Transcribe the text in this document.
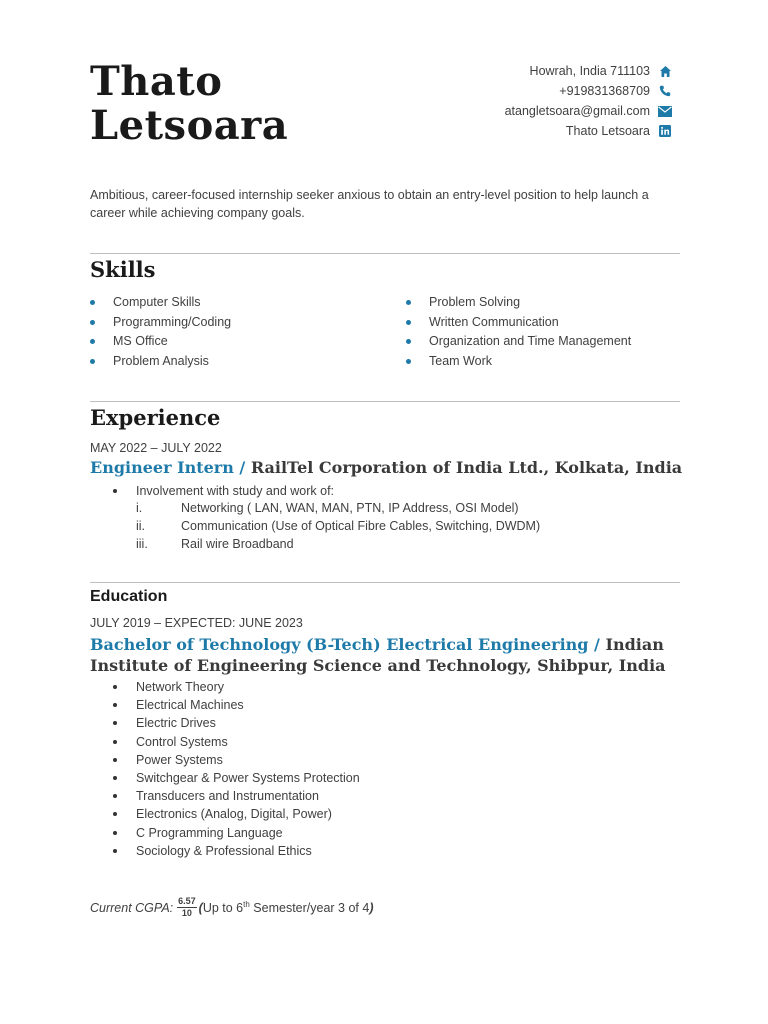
Thato
Letsoara
Howrah, India 711103
+919831368709
atangletsoara@gmail.com
Thato Letsoara
Ambitious, career-focused internship seeker anxious to obtain an entry-level position to help launch a career while achieving company goals.
Skills
Computer Skills
Programming/Coding
MS Office
Problem Analysis
Problem Solving
Written Communication
Organization and Time Management
Team Work
Experience
MAY 2022 – JULY 2022
Engineer Intern / RailTel Corporation of India Ltd., Kolkata, India
Involvement with study and work of:
i.	Networking ( LAN, WAN, MAN, PTN, IP Address, OSI Model)
ii.	Communication (Use of Optical Fibre Cables, Switching, DWDM)
iii.	Rail wire Broadband
Education
JULY 2019 – EXPECTED: JUNE 2023
Bachelor of Technology (B-Tech) Electrical Engineering / Indian
Institute of Engineering Science and Technology, Shibpur, India
Network Theory
Electrical Machines
Electric Drives
Control Systems
Power Systems
Switchgear & Power Systems Protection
Transducers and Instrumentation
Electronics (Analog, Digital, Power)
C Programming Language
Sociology & Professional Ethics
Current CGPA: $\frac{6.57}{10}$ ( Up to 6th Semester/year 3 of 4 )
